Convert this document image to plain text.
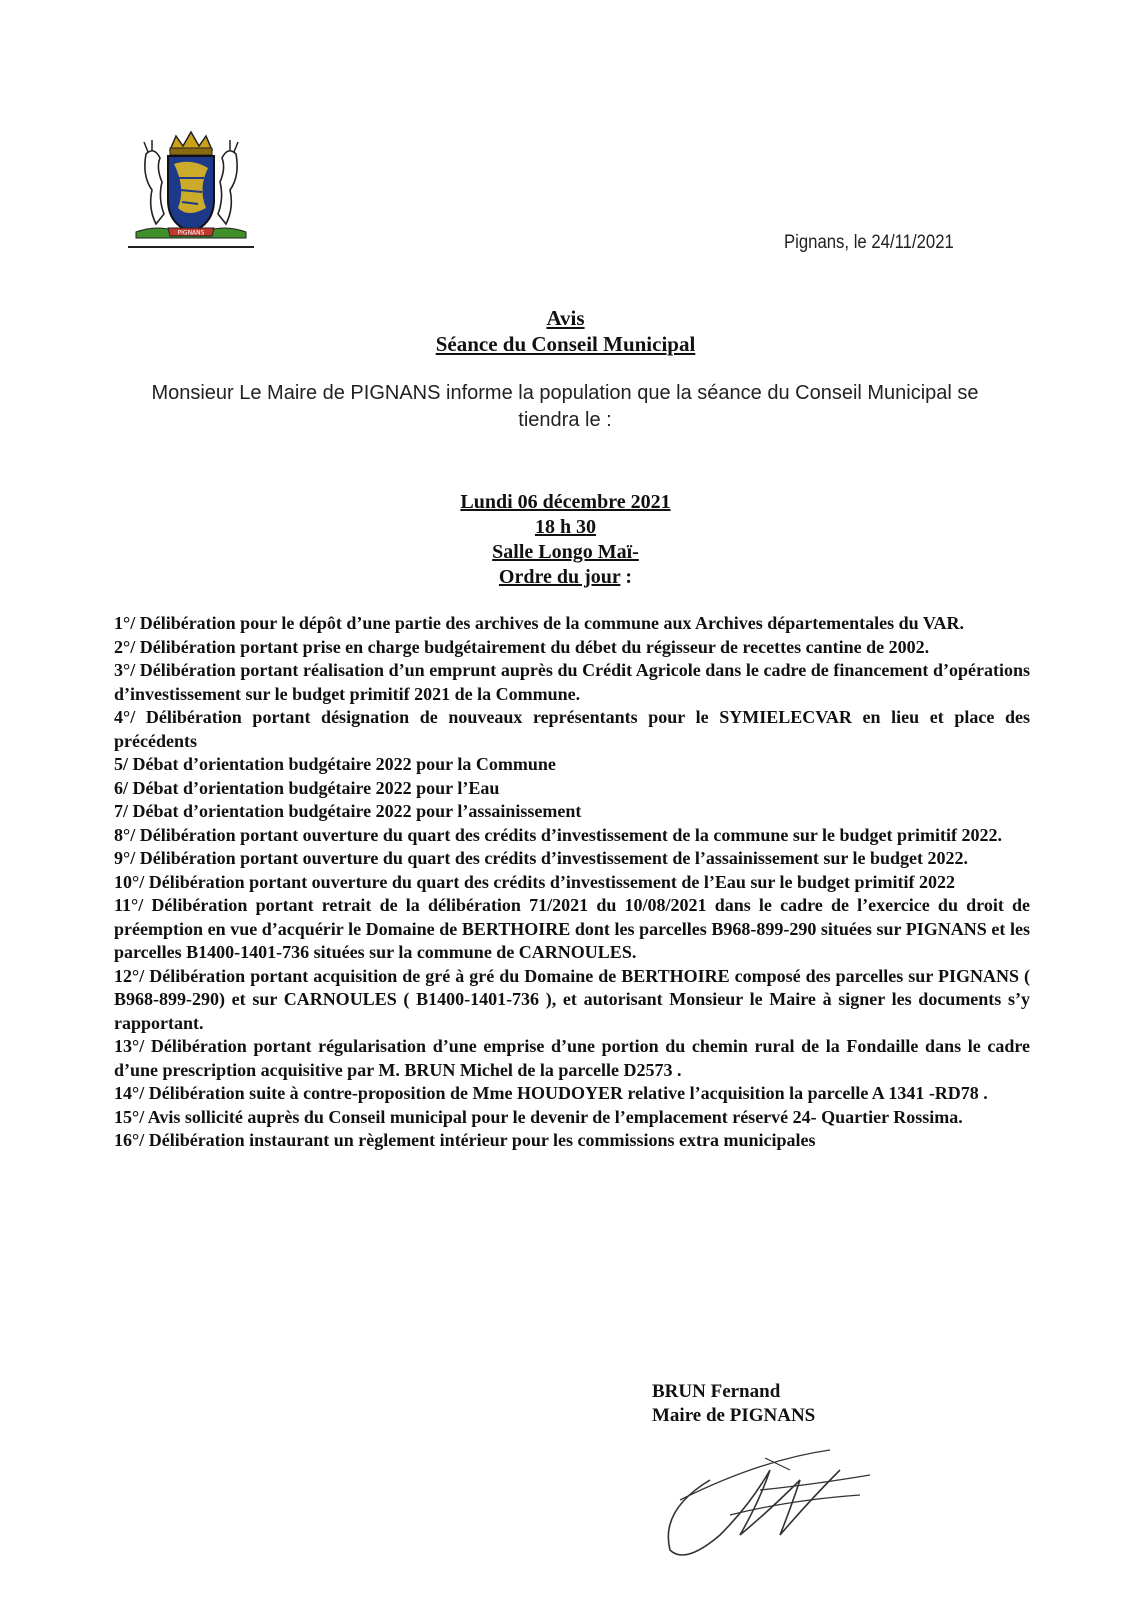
PIGNANS	Pignans, le 24/11/2021
Avis
Séance du Conseil Municipal
Monsieur Le Maire de PIGNANS informe la population que la séance du Conseil Municipal se
tiendra le :
Lundi 06 décembre 2021
18 h 30
Salle Longo Maï-
Ordre du jour :
1°/ Délibération pour le dépôt d’une partie des archives de la commune aux Archives départementales du VAR.
2°/ Délibération portant prise en charge budgétairement du débet du régisseur de recettes cantine de 2002.
3°/ Délibération portant réalisation d’un emprunt auprès du Crédit Agricole dans le cadre de financement d’opérations d’investissement sur le budget primitif 2021 de la Commune.
4°/ Délibération portant désignation de nouveaux représentants pour le SYMIELECVAR en lieu et place des précédents
5/ Débat d’orientation budgétaire 2022 pour la Commune
6/ Débat d’orientation budgétaire 2022 pour l’Eau
7/ Débat d’orientation budgétaire 2022 pour l’assainissement
8°/ Délibération portant ouverture du quart des crédits d’investissement de la commune sur le budget primitif 2022.
9°/ Délibération portant ouverture du quart des crédits d’investissement de l’assainissement sur le budget 2022.
10°/ Délibération portant ouverture du quart des crédits d’investissement de l’Eau sur le budget primitif 2022
11°/ Délibération portant retrait de la délibération 71/2021 du 10/08/2021 dans le cadre de l’exercice du droit de préemption en vue d’acquérir le Domaine de BERTHOIRE dont les parcelles B968-899-290 situées sur PIGNANS et les parcelles B1400-1401-736 situées sur la commune de CARNOULES.
12°/ Délibération portant acquisition de gré à gré du Domaine de BERTHOIRE composé des parcelles sur PIGNANS ( B968-899-290) et sur CARNOULES ( B1400-1401-736 ), et autorisant Monsieur le Maire à signer les documents s’y rapportant.
13°/ Délibération portant régularisation d’une emprise d’une portion du chemin rural de la Fondaille dans le cadre d’une prescription acquisitive par M. BRUN Michel de la parcelle D2573 .
14°/ Délibération suite à contre-proposition de Mme HOUDOYER relative l’acquisition la parcelle A 1341 -RD78 .
15°/ Avis sollicité auprès du Conseil municipal pour le devenir de l’emplacement réservé 24- Quartier Rossima.
16°/ Délibération instaurant un règlement intérieur pour les commissions extra municipales
BRUN Fernand
Maire de PIGNANS
